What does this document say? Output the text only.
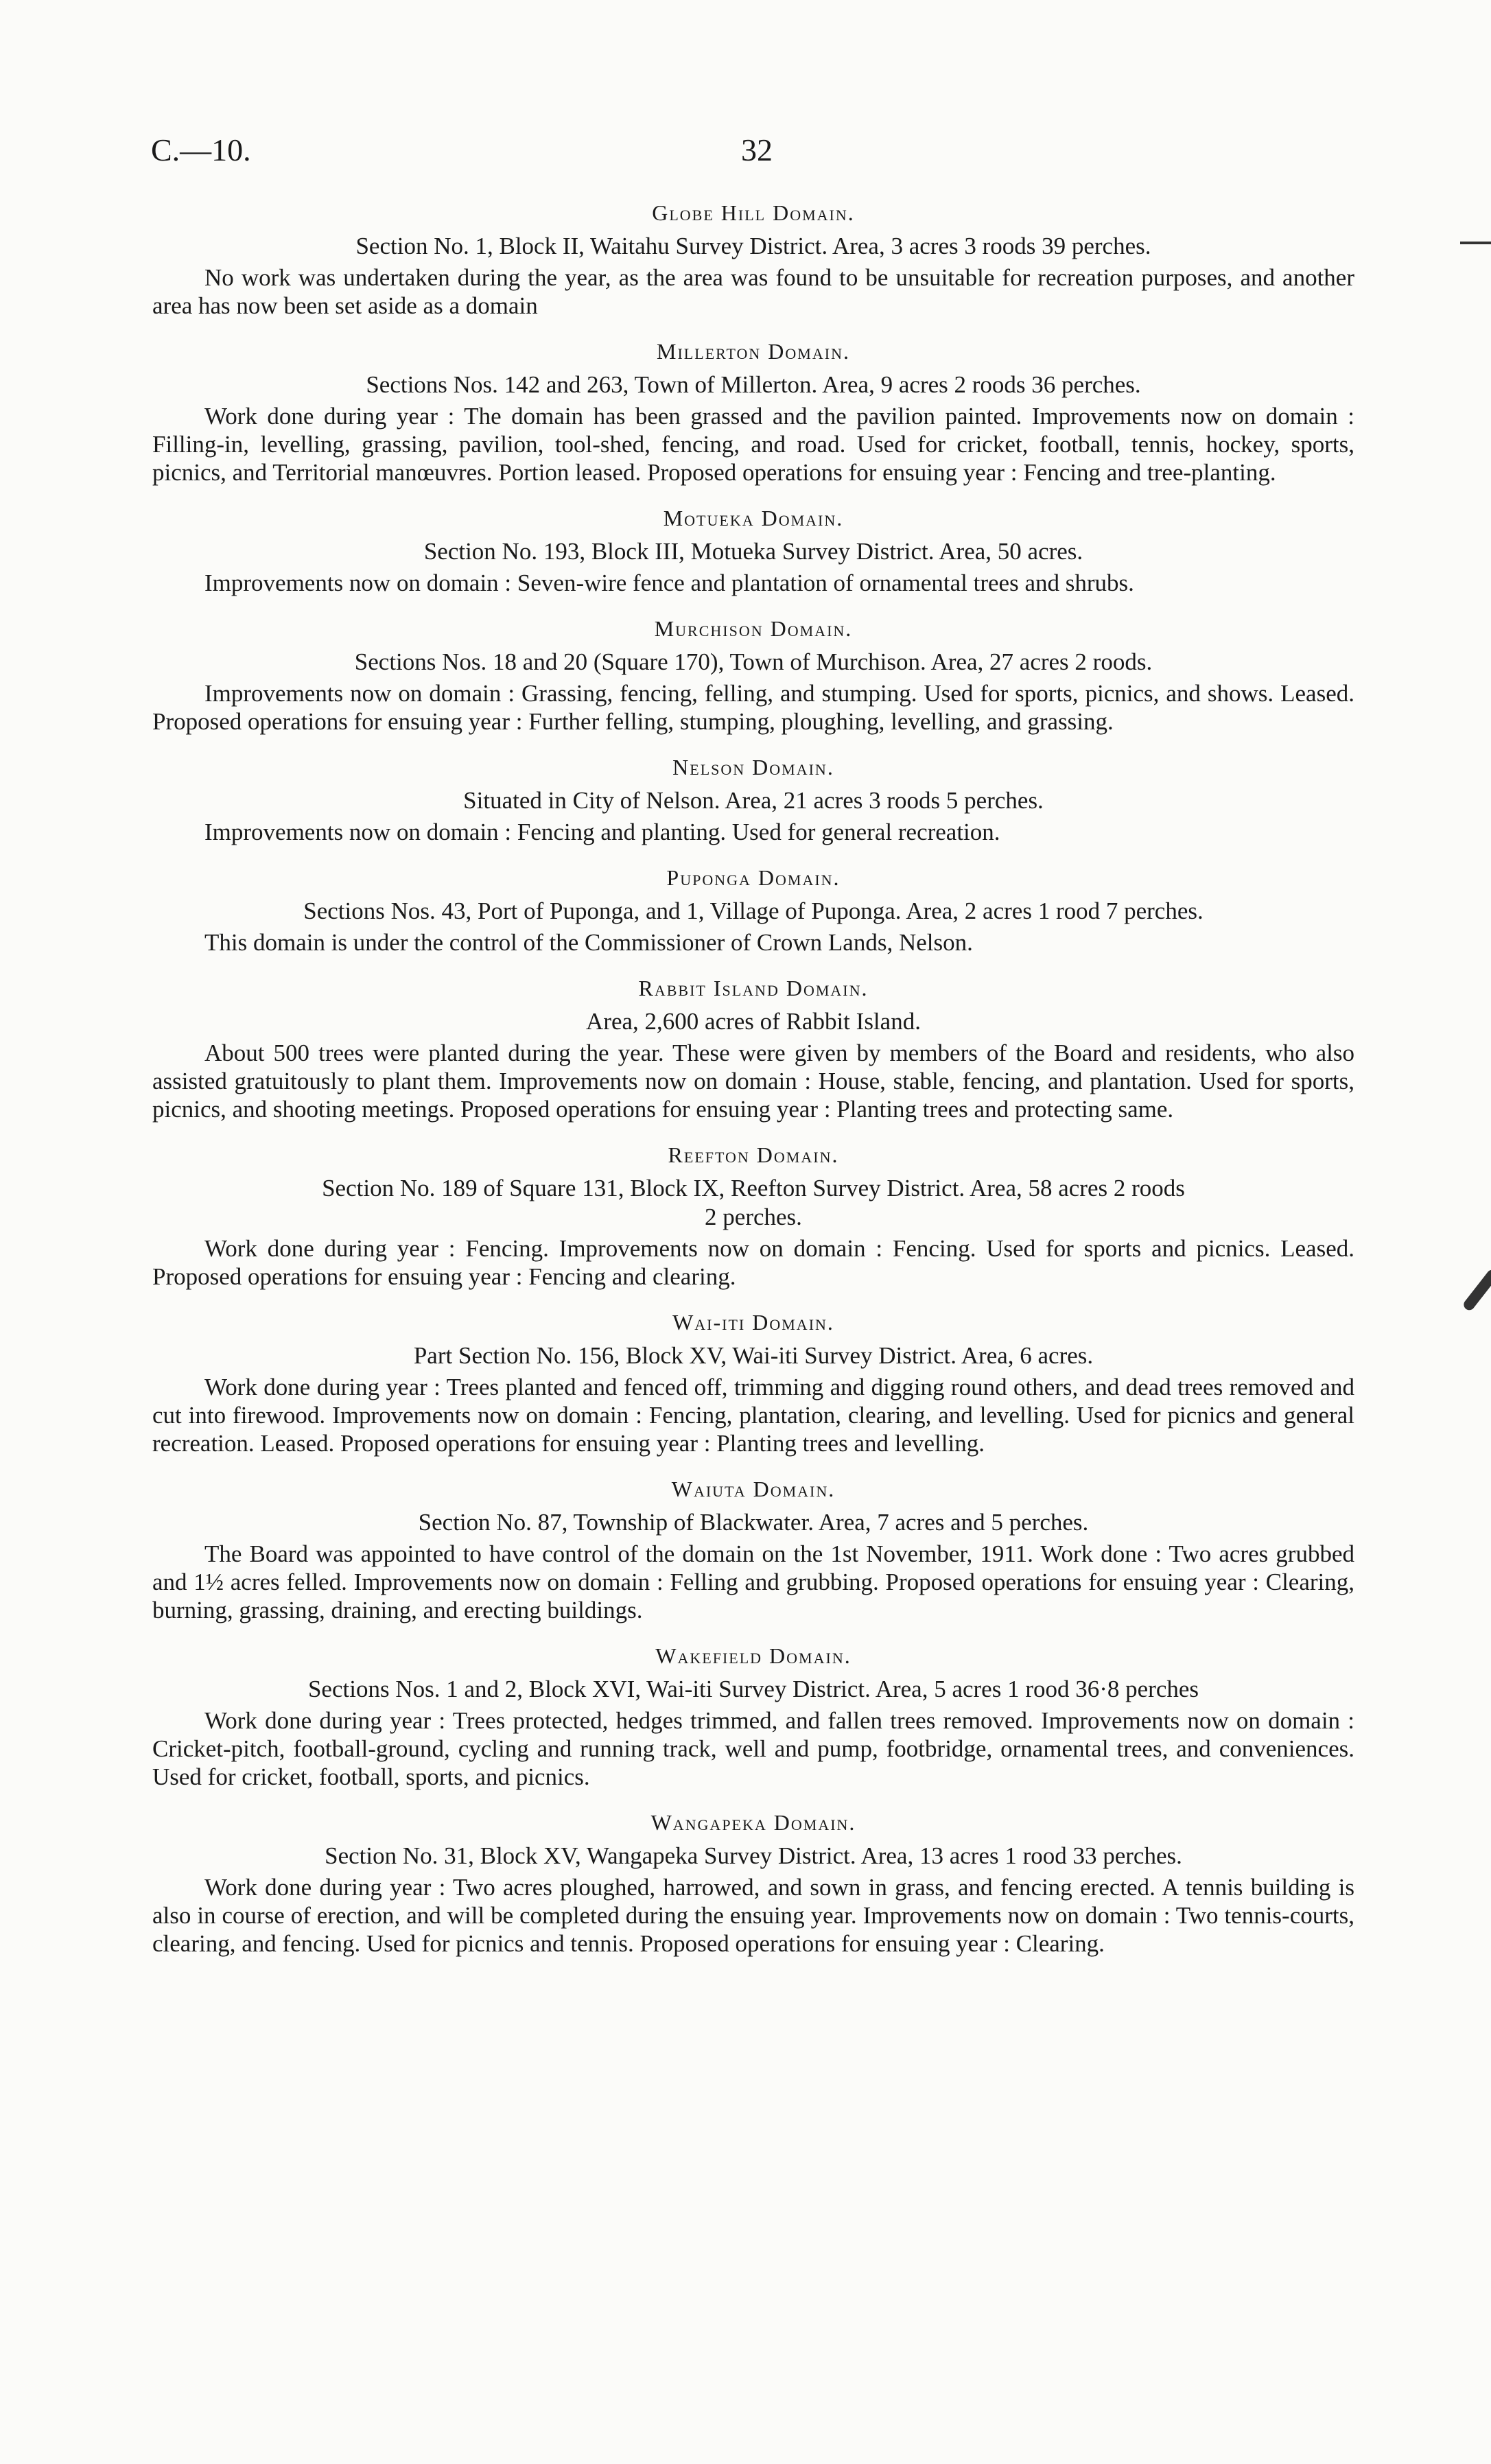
C.—10.	32
Globe Hill Domain.

Section No. 1, Block II, Waitahu Survey District. Area, 3 acres 3 roods 39 perches.

No work was undertaken during the year, as the area was found to be unsuitable for recreation purposes, and another area has now been set aside as a domain

Millerton Domain.

Sections Nos. 142 and 263, Town of Millerton. Area, 9 acres 2 roods 36 perches.

Work done during year : The domain has been grassed and the pavilion painted. Improvements now on domain : Filling-in, levelling, grassing, pavilion, tool-shed, fencing, and road. Used for cricket, football, tennis, hockey, sports, picnics, and Territorial manœuvres. Portion leased. Proposed operations for ensuing year : Fencing and tree-planting.

Motueka Domain.

Section No. 193, Block III, Motueka Survey District. Area, 50 acres.

Improvements now on domain : Seven-wire fence and plantation of ornamental trees and shrubs.

Murchison Domain.

Sections Nos. 18 and 20 (Square 170), Town of Murchison. Area, 27 acres 2 roods.

Improvements now on domain : Grassing, fencing, felling, and stumping. Used for sports, picnics, and shows. Leased. Proposed operations for ensuing year : Further felling, stumping, ploughing, levelling, and grassing.

Nelson Domain.

Situated in City of Nelson. Area, 21 acres 3 roods 5 perches.

Improvements now on domain : Fencing and planting. Used for general recreation.

Puponga Domain.

Sections Nos. 43, Port of Puponga, and 1, Village of Puponga. Area, 2 acres 1 rood 7 perches.

This domain is under the control of the Commissioner of Crown Lands, Nelson.

Rabbit Island Domain.

Area, 2,600 acres of Rabbit Island.

About 500 trees were planted during the year. These were given by members of the Board and residents, who also assisted gratuitously to plant them. Improvements now on domain : House, stable, fencing, and plantation. Used for sports, picnics, and shooting meetings. Proposed operations for ensuing year : Planting trees and protecting same.

Reefton Domain.

Section No. 189 of Square 131, Block IX, Reefton Survey District. Area, 58 acres 2 roods
2 perches.

Work done during year : Fencing. Improvements now on domain : Fencing. Used for sports and picnics. Leased. Proposed operations for ensuing year : Fencing and clearing.

Wai-iti Domain.

Part Section No. 156, Block XV, Wai-iti Survey District. Area, 6 acres.

Work done during year : Trees planted and fenced off, trimming and digging round others, and dead trees removed and cut into firewood. Improvements now on domain : Fencing, plantation, clearing, and levelling. Used for picnics and general recreation. Leased. Proposed operations for ensuing year : Planting trees and levelling.

Waiuta Domain.

Section No. 87, Township of Blackwater. Area, 7 acres and 5 perches.

The Board was appointed to have control of the domain on the 1st November, 1911. Work done : Two acres grubbed and 1½ acres felled. Improvements now on domain : Felling and grubbing. Proposed operations for ensuing year : Clearing, burning, grassing, draining, and erecting buildings.

Wakefield Domain.

Sections Nos. 1 and 2, Block XVI, Wai-iti Survey District. Area, 5 acres 1 rood 36·8 perches

Work done during year : Trees protected, hedges trimmed, and fallen trees removed. Improvements now on domain : Cricket-pitch, football-ground, cycling and running track, well and pump, footbridge, ornamental trees, and conveniences. Used for cricket, football, sports, and picnics.

Wangapeka Domain.

Section No. 31, Block XV, Wangapeka Survey District. Area, 13 acres 1 rood 33 perches.

Work done during year : Two acres ploughed, harrowed, and sown in grass, and fencing erected. A tennis building is also in course of erection, and will be completed during the ensuing year. Improvements now on domain : Two tennis-courts, clearing, and fencing. Used for picnics and tennis. Proposed operations for ensuing year : Clearing.
